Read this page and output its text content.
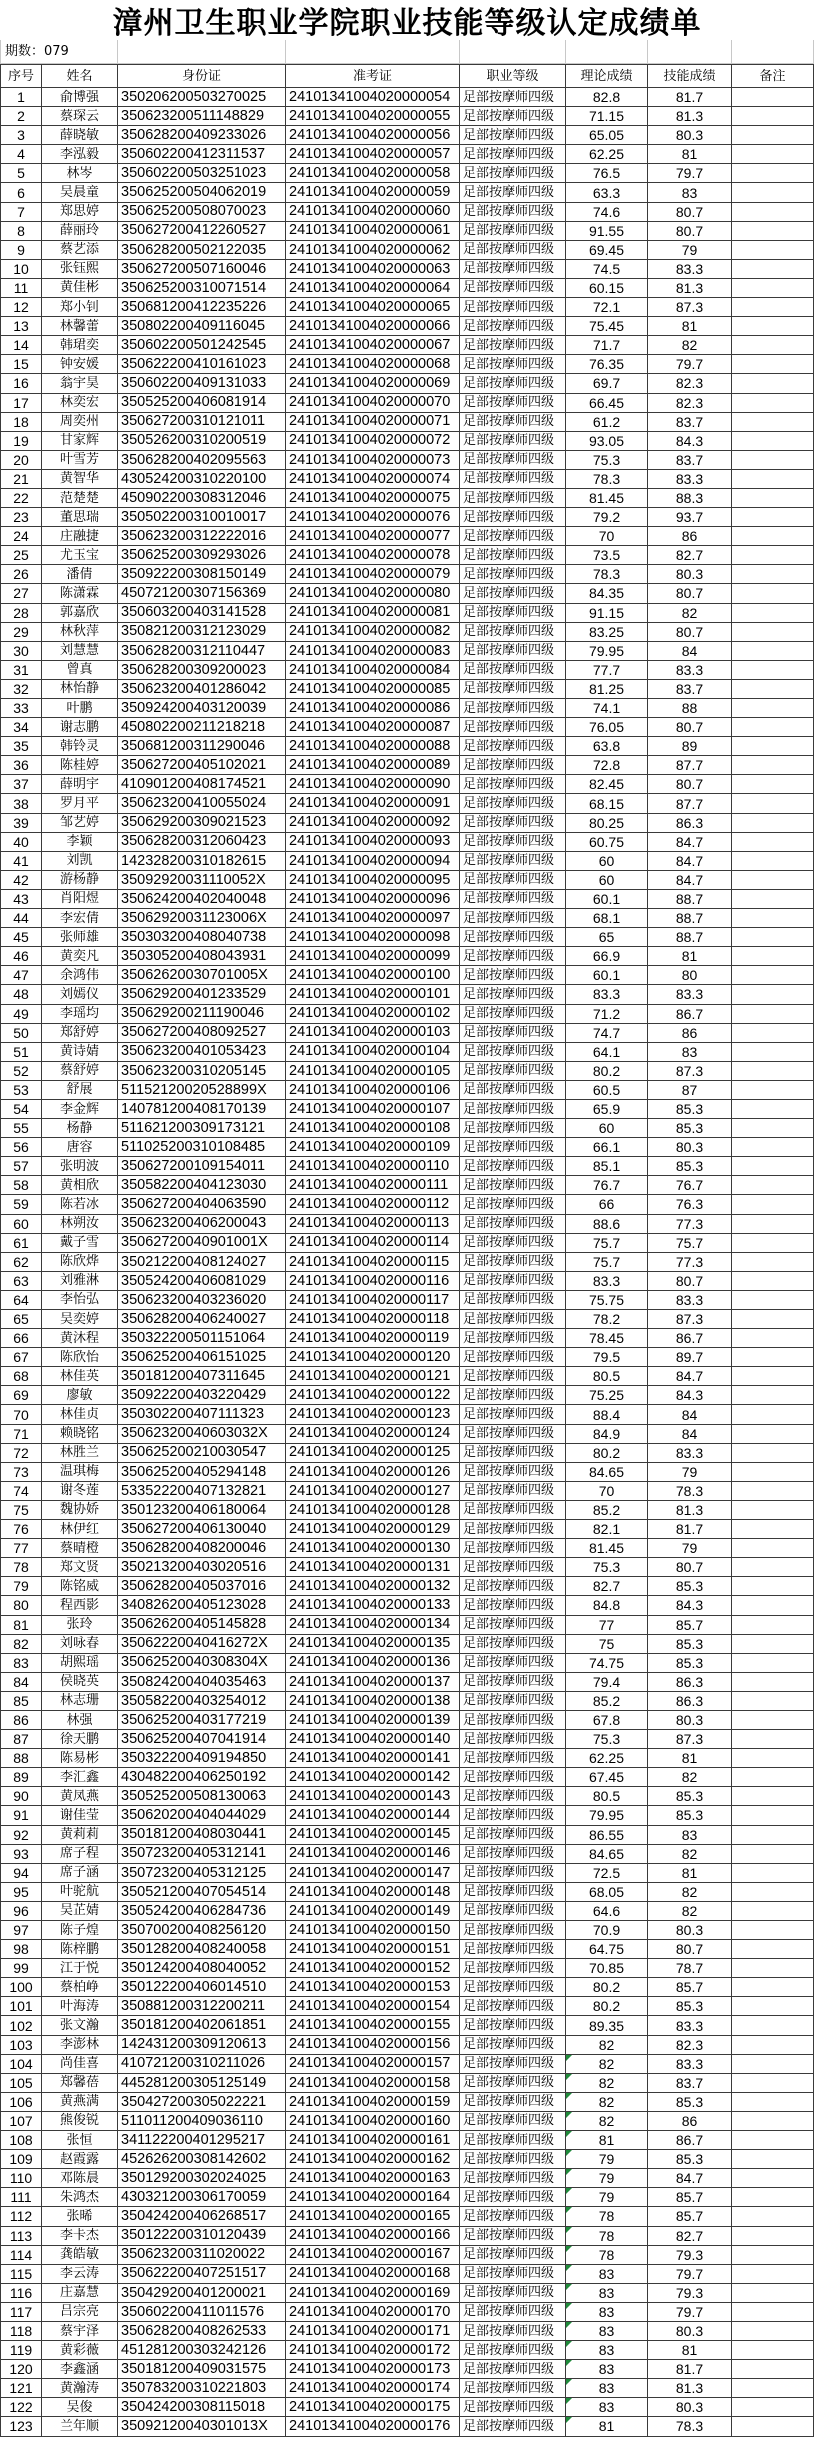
漳州卫生职业学院职业技能等级认定成绩单
期数： 079
序号	姓名	身份证	准考证	职业等级	理论成绩	技能成绩	备注
1	俞博强	350206200503270025	24101341004020000054 足部按摩师四级	82.8	81.7
2	蔡琛云	350623200511148829	24101341004020000055 足部按摩师四级	71.15	81.3
3	薛晓敏	350628200409233026	24101341004020000056 足部按摩师四级	65.05	80.3
4	李泓毅	350602200412311537	24101341004020000057 足部按摩师四级	62.25	81
5	林岑	350602200503251023	24101341004020000058 足部按摩师四级	76.5	79.7
6	吴晨童	350625200504062019	24101341004020000059 足部按摩师四级	63.3	83
7	郑思婷	350625200508070023	24101341004020000060 足部按摩师四级	74.6	80.7
8	薛丽玲	350627200412260527	24101341004020000061 足部按摩师四级	91.55	80.7
9	蔡艺添	350628200502122035	24101341004020000062 足部按摩师四级	69.45	79
10	张钰熙	350627200507160046	24101341004020000063 足部按摩师四级	74.5	83.3
11	黄佳彬	350625200310071514	24101341004020000064 足部按摩师四级	60.15	81.3
12	郑小钊	350681200412235226	24101341004020000065 足部按摩师四级	72.1	87.3
13	林馨蕾	350802200409116045	24101341004020000066 足部按摩师四级	75.45	81
14	韩珺奕	350602200501242545	24101341004020000067 足部按摩师四级	71.7	82
15	钟安媛	350622200410161023	24101341004020000068 足部按摩师四级	76.35	79.7
16	翁宇昊	350602200409131033	24101341004020000069 足部按摩师四级	69.7	82.3
17	林奕宏	350525200406081914	24101341004020000070 足部按摩师四级	66.45	82.3
18	周奕州	350627200310121011	24101341004020000071 足部按摩师四级	61.2	83.7
19	甘家辉	350526200310200519	24101341004020000072 足部按摩师四级	93.05	84.3
20	叶雪芳	350628200402095563	24101341004020000073 足部按摩师四级	75.3	83.7
21	黄智华	430524200310220100	24101341004020000074 足部按摩师四级	78.3	83.3
22	范楚楚	450902200308312046	24101341004020000075 足部按摩师四级	81.45	88.3
23	董思瑞	350502200310010017	24101341004020000076 足部按摩师四级	79.2	93.7
24	庄融捷	350623200312222016	24101341004020000077 足部按摩师四级	70	86
25	尤玉宝	350625200309293026	24101341004020000078 足部按摩师四级	73.5	82.7
26	潘倩	350922200308150149	24101341004020000079 足部按摩师四级	78.3	80.3
27	陈潇霖	450721200307156369	24101341004020000080 足部按摩师四级	84.35	80.7
28	郭嘉欣	350603200403141528	24101341004020000081 足部按摩师四级	91.15	82
29	林秋萍	350821200312123029	24101341004020000082 足部按摩师四级	83.25	80.7
30	刘慧慧	350628200312110447	24101341004020000083 足部按摩师四级	79.95	84
31	曾真	350628200309200023	24101341004020000084 足部按摩师四级	77.7	83.3
32	林怡静	350623200401286042	24101341004020000085 足部按摩师四级	81.25	83.7
33	叶鹏	350924200403120039	24101341004020000086 足部按摩师四级	74.1	88
34	谢志鹏	450802200211218218	24101341004020000087 足部按摩师四级	76.05	80.7
35	韩铃灵	350681200311290046	24101341004020000088 足部按摩师四级	63.8	89
36	陈桂婷	350627200405102021	24101341004020000089 足部按摩师四级	72.8	87.7
37	薛明宇	410901200408174521	24101341004020000090 足部按摩师四级	82.45	80.7
38	罗月平	350623200410055024	24101341004020000091 足部按摩师四级	68.15	87.7
39	邹艺婷	350629200309021523	24101341004020000092 足部按摩师四级	80.25	86.3
40	李颖	350628200312060423	24101341004020000093 足部按摩师四级	60.75	84.7
41	刘凯	142328200310182615	24101341004020000094 足部按摩师四级	60	84.7
42	游杨静	35092920031110052X	24101341004020000095 足部按摩师四级	60	84.7
43	肖阳煜	350624200402040048	24101341004020000096 足部按摩师四级	60.1	88.7
44	李宏倩	35062920031123006X	24101341004020000097 足部按摩师四级	68.1	88.7
45	张师雄	350303200408040738	24101341004020000098 足部按摩师四级	65	88.7
46	黄奕凡	350305200408043931	24101341004020000099 足部按摩师四级	66.9	81
47	余鸿伟	35062620030701005X	24101341004020000100 足部按摩师四级	60.1	80
48	刘嫣仪	350629200401233529	24101341004020000101 足部按摩师四级	83.3	83.3
49	李瑶均	350629200211190046	24101341004020000102 足部按摩师四级	71.2	86.7
50	郑舒婷	350627200408092527	24101341004020000103 足部按摩师四级	74.7	86
51	黄诗婧	350623200401053423	24101341004020000104 足部按摩师四级	64.1	83
52	蔡舒婷	350623200310205145	24101341004020000105 足部按摩师四级	80.2	87.3
53	舒展	51152120020528899X	24101341004020000106 足部按摩师四级	60.5	87
54	李金辉	140781200408170139	24101341004020000107 足部按摩师四级	65.9	85.3
55	杨静	511621200309173121	24101341004020000108 足部按摩师四级	60	85.3
56	唐容	511025200310108485	24101341004020000109 足部按摩师四级	66.1	80.3
57	张明波	350627200109154011	24101341004020000110	足部按摩师四级	85.1	85.3
58	黄相欣	350582200404123030	24101341004020000111	足部按摩师四级	76.7	76.7
59	陈若冰	350627200404063590	24101341004020000112	足部按摩师四级	66	76.3
60	林朔汝	350623200406200043	24101341004020000113	足部按摩师四级	88.6	77.3
61	戴子雪	35062720040901001X	24101341004020000114	足部按摩师四级	75.7	75.7
62	陈欣烨	350212200408124027	24101341004020000115	足部按摩师四级	75.7	77.3
63	刘雅淋	350524200406081029	24101341004020000116	足部按摩师四级	83.3	80.7
64	李怡弘	350623200403236020	24101341004020000117	足部按摩师四级	75.75	83.3
65	吴奕婷	350628200406240027	24101341004020000118	足部按摩师四级	78.2	87.3
66	黄沐程	350322200501151064	24101341004020000119	足部按摩师四级	78.45	86.7
67	陈欣怡	350625200406151025	24101341004020000120 足部按摩师四级	79.5	89.7
68	林佳英	350181200407311645	24101341004020000121 足部按摩师四级	80.5	84.7
69	廖敏	350922200403220429	24101341004020000122 足部按摩师四级	75.25	84.3
70	林佳贞	350302200407111323	24101341004020000123 足部按摩师四级	88.4	84
71	赖晓铭	35062320040603032X	24101341004020000124 足部按摩师四级	84.9	84
72	林胜兰	350625200210030547	24101341004020000125 足部按摩师四级	80.2	83.3
73	温琪梅	350625200405294148	24101341004020000126 足部按摩师四级	84.65	79
74	谢冬莲	533522200407132821	24101341004020000127 足部按摩师四级	70	78.3
75	魏协娇	350123200406180064	24101341004020000128 足部按摩师四级	85.2	81.3
76	林伊红	350627200406130040	24101341004020000129 足部按摩师四级	82.1	81.7
77	蔡晴橙	350628200408200046	24101341004020000130 足部按摩师四级	81.45	79
78	郑文贤	350213200403020516	24101341004020000131 足部按摩师四级	75.3	80.7
79	陈铭威	350628200405037016	24101341004020000132 足部按摩师四级	82.7	85.3
80	程西影	340826200405123028	24101341004020000133 足部按摩师四级	84.8	84.3
81	张玲	350626200405145828	24101341004020000134 足部按摩师四级	77	85.7
82	刘咏春	35062220040416272X	24101341004020000135 足部按摩师四级	75	85.3
83	胡熙瑶	35062520040308304X	24101341004020000136 足部按摩师四级	74.75	85.3
84	侯晓英	350824200404035463	24101341004020000137 足部按摩师四级	79.4	86.3
85	林志珊	350582200403254012	24101341004020000138 足部按摩师四级	85.2	86.3
86	林强	350625200403177219	24101341004020000139 足部按摩师四级	67.8	80.3
87	徐天鹏	350625200407041914	24101341004020000140 足部按摩师四级	75.3	87.3
88	陈易彬	350322200409194850	24101341004020000141 足部按摩师四级	62.25	81
89	李汇鑫	430482200406250192	24101341004020000142 足部按摩师四级	67.45	82
90	黄凤燕	350525200508130063	24101341004020000143 足部按摩师四级	80.5	85.3
91	谢佳莹	350620200404044029	24101341004020000144 足部按摩师四级	79.95	85.3
92	黄莉莉	350181200408030441	24101341004020000145 足部按摩师四级	86.55	83
93	席子程	350723200405312141	24101341004020000146 足部按摩师四级	84.65	82
94	席子涵	350723200405312125	24101341004020000147 足部按摩师四级	72.5	81
95	叶驼航	350521200407054514	24101341004020000148 足部按摩师四级	68.05	82
96	吴芷婧	350524200406284736	24101341004020000149 足部按摩师四级	64.6	82
97	陈子煌	350700200408256120	24101341004020000150 足部按摩师四级	70.9	80.3
98	陈梓鹏	350128200408240058	24101341004020000151 足部按摩师四级	64.75	80.7
99	江于悦	350124200408040052	24101341004020000152 足部按摩师四级	70.85	78.7
100	蔡柏峥	350122200406014510	24101341004020000153 足部按摩师四级	80.2	85.7
101	叶海涛	350881200312200211	24101341004020000154 足部按摩师四级	80.2	85.3
102	张文瀚	350181200402061851	24101341004020000155 足部按摩师四级	89.35	83.3
103	李澎林	142431200309120613	24101341004020000156 足部按摩师四级	82	82.3
104	尚佳喜	410721200310211026	24101341004020000157 足部按摩师四级	82	83.3
105	郑馨蓓	445281200305125149	24101341004020000158 足部按摩师四级	82	83.7
106	黄燕满	350427200305022221	24101341004020000159 足部按摩师四级	82	85.3
107	熊俊锐	511011200409036110	24101341004020000160 足部按摩师四级	82	86
108	张恒	341122200401295217	24101341004020000161 足部按摩师四级	81	86.7
109	赵霞露	452626200308142602	24101341004020000162 足部按摩师四级	79	85.3
110	邓陈晨	350129200302024025	24101341004020000163 足部按摩师四级	79	84.7
111	朱鸿杰	430321200306170059	24101341004020000164 足部按摩师四级	79	85.7
112	张晞	350424200406268517	24101341004020000165 足部按摩师四级	78	85.7
113	李卡杰	350122200310120439	24101341004020000166 足部按摩师四级	78	82.7
114	龚皓敏	350623200311020022	24101341004020000167 足部按摩师四级	78	79.3
115	李云涛	350622200407251517	24101341004020000168 足部按摩师四级	83	79.7
116	庄嘉慧	350429200401200021	24101341004020000169 足部按摩师四级	83	79.3
117	吕宗亮	350602200411011576	24101341004020000170 足部按摩师四级	83	79.7
118	蔡宇泽	350628200408262533	24101341004020000171 足部按摩师四级	83	80.3
119	黄彩薇	451281200303242126	24101341004020000172 足部按摩师四级	83	81
120	李鑫涵	350181200409031575	24101341004020000173 足部按摩师四级	83	81.7
121	黄瀚涛	350783200310221803	24101341004020000174 足部按摩师四级	83	81.3
122	吴俊	350424200308115018	24101341004020000175 足部按摩师四级	83	80.3
123	兰年顺	35092120040301013X	24101341004020000176 足部按摩师四级	81	78.3
